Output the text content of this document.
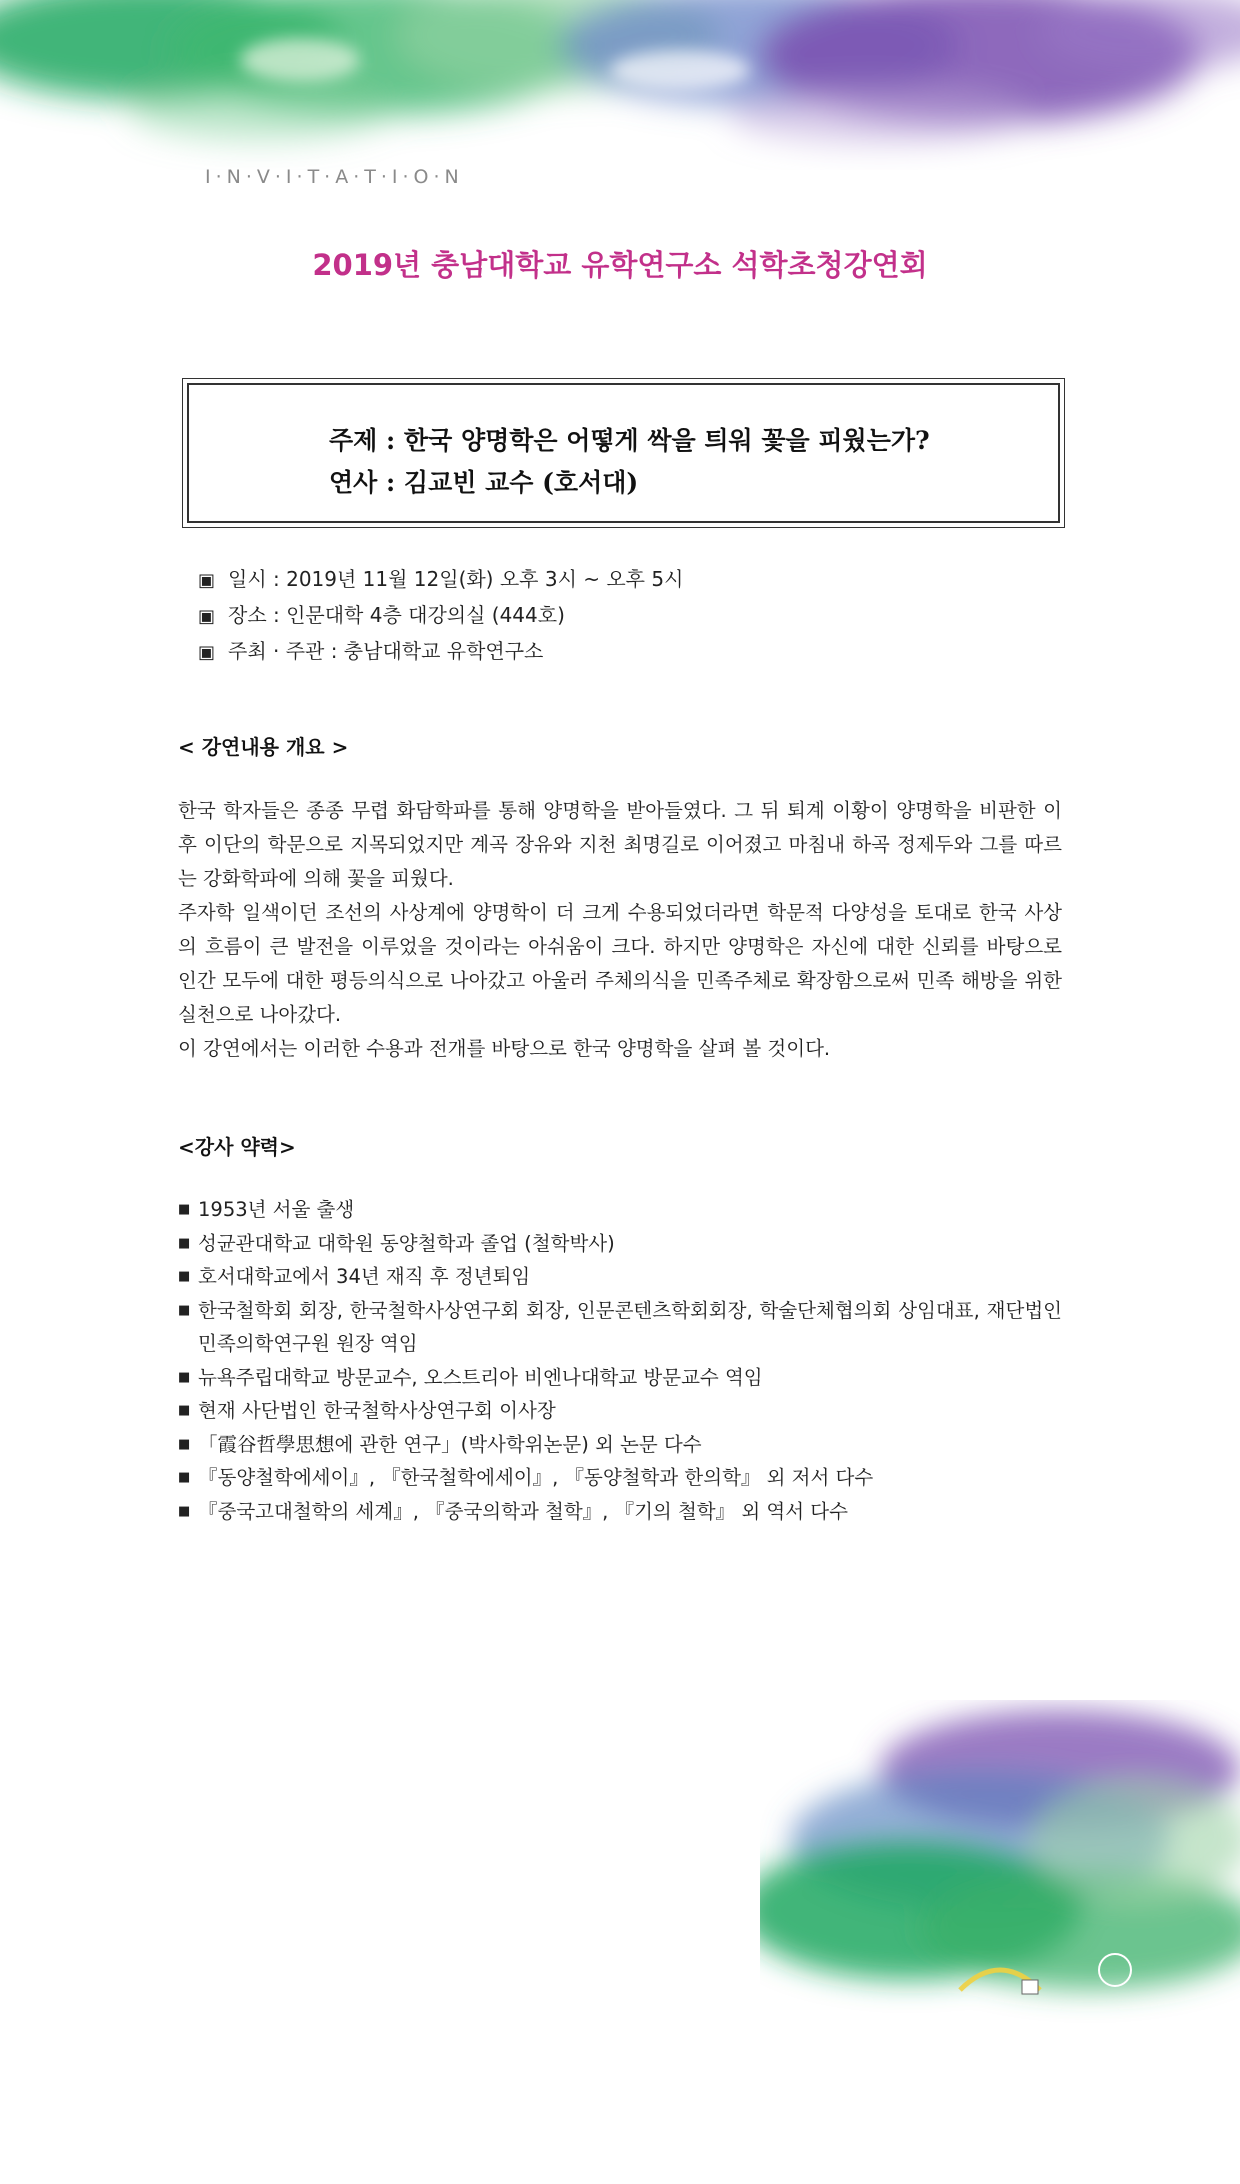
I·N·V·I·T·A·T·I·O·N
2019년 충남대학교 유학연구소 석학초청강연회
주제 : 한국 양명학은 어떻게 싹을 틔워 꽃을 피웠는가?
연사 : 김교빈 교수 (호서대)
▣ 일시 : 2019년 11월 12일(화) 오후 3시 ~ 오후 5시
▣ 장소 : 인문대학 4층 대강의실 (444호)
▣ 주최 · 주관 : 충남대학교 유학연구소
< 강연내용 개요 >

한국 학자들은 종종 무렵 화담학파를 통해 양명학을 받아들였다. 그 뒤 퇴계 이황이 양명학을 비판한 이후 이단의 학문으로 지목되었지만 계곡 장유와 지천 최명길로 이어졌고 마침내 하곡 정제두와 그를 따르는 강화학파에 의해 꽃을 피웠다.

주자학 일색이던 조선의 사상계에 양명학이 더 크게 수용되었더라면 학문적 다양성을 토대로 한국 사상의 흐름이 큰 발전을 이루었을 것이라는 아쉬움이 크다. 하지만 양명학은 자신에 대한 신뢰를 바탕으로 인간 모두에 대한 평등의식으로 나아갔고 아울러 주체의식을 민족주체로 확장함으로써 민족 해방을 위한 실천으로 나아갔다.

이 강연에서는 이러한 수용과 전개를 바탕으로 한국 양명학을 살펴 볼 것이다.

<강사 약력>
■ 1953년 서울 출생
■ 성균관대학교 대학원 동양철학과 졸업 (철학박사)
■ 호서대학교에서 34년 재직 후 정년퇴임
■ 한국철학회 회장, 한국철학사상연구회 회장, 인문콘텐츠학회회장, 학술단체협의회 상임대표, 재단법인 민족의학연구원 원장 역임
■ 뉴욕주립대학교 방문교수, 오스트리아 비엔나대학교 방문교수 역임
■ 현재 사단법인 한국철학사상연구회 이사장
■ 「霞谷哲學思想에 관한 연구」(박사학위논문) 외 논문 다수
■ 『동양철학에세이』, 『한국철학에세이』, 『동양철학과 한의학』 외 저서 다수
■ 『중국고대철학의 세계』, 『중국의학과 철학』, 『기의 철학』 외 역서 다수
